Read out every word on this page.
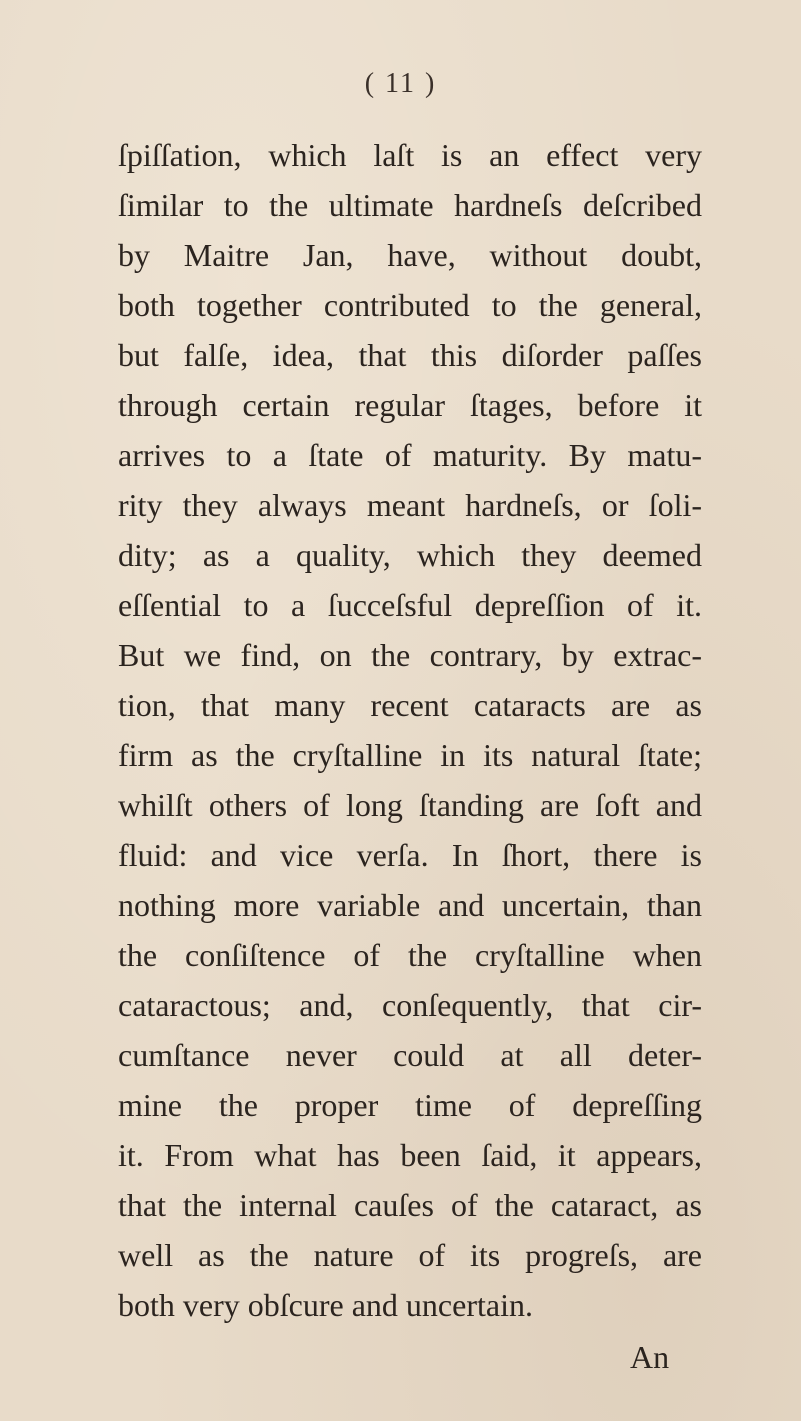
( 11 )
ſpiſſation, which laſt is an effect very
ſimilar to the ultimate hardneſs deſcribed
by Maitre Jan, have, without doubt,
both together contributed to the general,
but falſe, idea, that this diſorder paſſes
through certain regular ſtages, before it
arrives to a ſtate of maturity. By matu-
rity they always meant hardneſs, or ſoli-
dity; as a quality, which they deemed
eſſential to a ſucceſsful depreſſion of it.
But we find, on the contrary, by extrac-
tion, that many recent cataracts are as
firm as the cryſtalline in its natural ſtate;
whilſt others of long ſtanding are ſoft and
fluid: and vice verſa. In ſhort, there is
nothing more variable and uncertain, than
the conſiſtence of the cryſtalline when
cataractous; and, conſequently, that cir-
cumſtance never could at all deter-
mine the proper time of depreſſing
it. From what has been ſaid, it appears,
that the internal cauſes of the cataract, as
well as the nature of its progreſs, are
both very obſcure and uncertain.
An
